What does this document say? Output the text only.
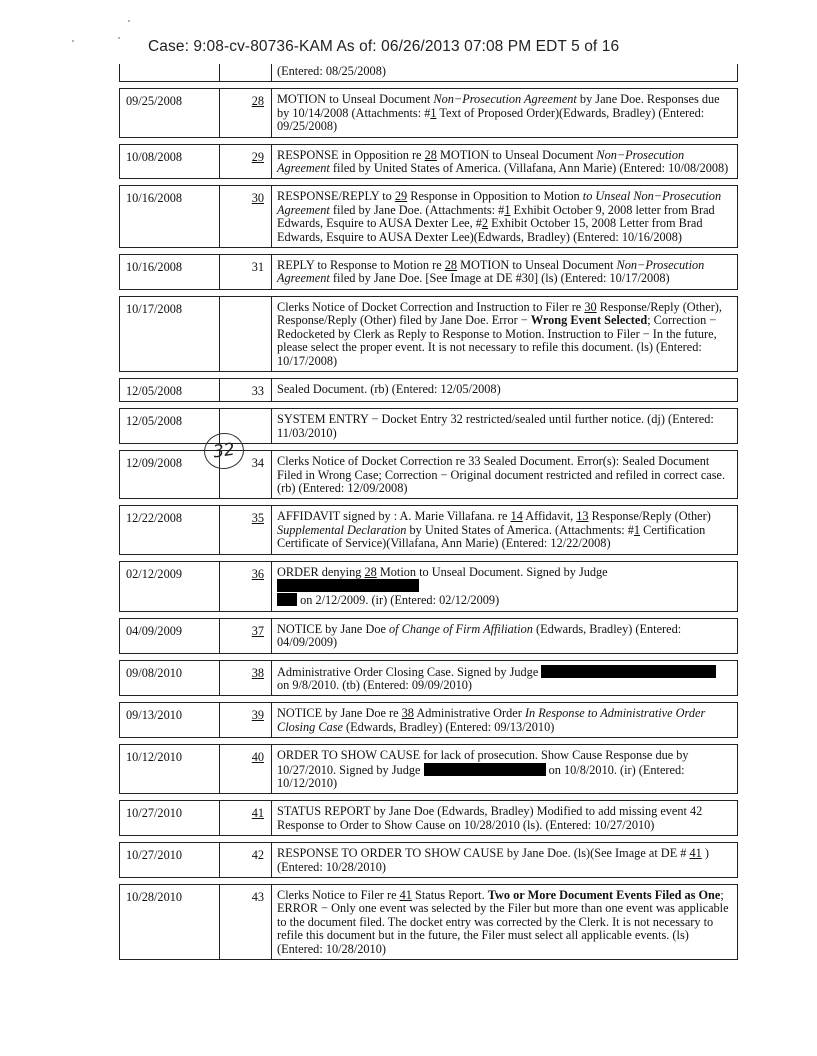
Case: 9:08-cv-80736-KAM As of: 06/26/2013 07:08 PM EDT 5 of 16
		(Entered: 08/25/2008)

09/25/2008	28	MOTION to Unseal Document Non−Prosecution Agreement by Jane Doe. Responses due by 10/14/2008 (Attachments: #1 Text of Proposed Order)(Edwards, Bradley) (Entered: 09/25/2008)

10/08/2008	29	RESPONSE in Opposition re 28 MOTION to Unseal Document Non−Prosecution Agreement filed by United States of America. (Villafana, Ann Marie) (Entered: 10/08/2008)

10/16/2008	30	RESPONSE/REPLY to 29 Response in Opposition to Motion to Unseal Non−Prosecution Agreement filed by Jane Doe. (Attachments: #1 Exhibit October 9, 2008 letter from Brad Edwards, Esquire to AUSA Dexter Lee, #2 Exhibit October 15, 2008 Letter from Brad Edwards, Esquire to AUSA Dexter Lee)(Edwards, Bradley) (Entered: 10/16/2008)

10/16/2008	31	REPLY to Response to Motion re 28 MOTION to Unseal Document Non−Prosecution Agreement filed by Jane Doe. [See Image at DE #30] (ls) (Entered: 10/17/2008)

10/17/2008		Clerks Notice of Docket Correction and Instruction to Filer re 30 Response/Reply (Other), Response/Reply (Other) filed by Jane Doe. Error − Wrong Event Selected; Correction − Redocketed by Clerk as Reply to Response to Motion. Instruction to Filer − In the future, please select the proper event. It is not necessary to refile this document. (ls) (Entered: 10/17/2008)

12/05/2008	33	Sealed Document. (rb) (Entered: 12/05/2008)

12/05/2008		SYSTEM ENTRY − Docket Entry 32 restricted/sealed until further notice. (dj) (Entered: 11/03/2010)

12/09/2008	34	Clerks Notice of Docket Correction re 33 Sealed Document. Error(s): Sealed Document Filed in Wrong Case; Correction − Original document restricted and refiled in correct case. (rb) (Entered: 12/09/2008)

12/22/2008	35	AFFIDAVIT signed by : A. Marie Villafana. re 14 Affidavit, 13 Response/Reply (Other) Supplemental Declaration by United States of America. (Attachments: #1 Certification Certificate of Service)(Villafana, Ann Marie) (Entered: 12/22/2008)

02/12/2009	36	ORDER denying 28 Motion to Unseal Document. Signed by Judge
on 2/12/2009. (ir) (Entered: 02/12/2009)

04/09/2009	37	NOTICE by Jane Doe of Change of Firm Affiliation (Edwards, Bradley) (Entered: 04/09/2009)

09/08/2010	38	Administrative Order Closing Case. Signed by Judge on 9/8/2010. (tb) (Entered: 09/09/2010)

09/13/2010	39	NOTICE by Jane Doe re 38 Administrative Order In Response to Administrative Order Closing Case (Edwards, Bradley) (Entered: 09/13/2010)

10/12/2010	40	ORDER TO SHOW CAUSE for lack of prosecution. Show Cause Response due by 10/27/2010. Signed by Judge on 10/8/2010. (ir) (Entered: 10/12/2010)

10/27/2010	41	STATUS REPORT by Jane Doe (Edwards, Bradley) Modified to add missing event 42 Response to Order to Show Cause on 10/28/2010 (ls). (Entered: 10/27/2010)

10/27/2010	42	RESPONSE TO ORDER TO SHOW CAUSE by Jane Doe. (ls)(See Image at DE # 41 ) (Entered: 10/28/2010)

10/28/2010	43	Clerks Notice to Filer re 41 Status Report. Two or More Document Events Filed as One; ERROR − Only one event was selected by the Filer but more than one event was applicable to the document filed. The docket entry was corrected by the Clerk. It is not necessary to refile this document but in the future, the Filer must select all applicable events. (ls) (Entered: 10/28/2010)
32
